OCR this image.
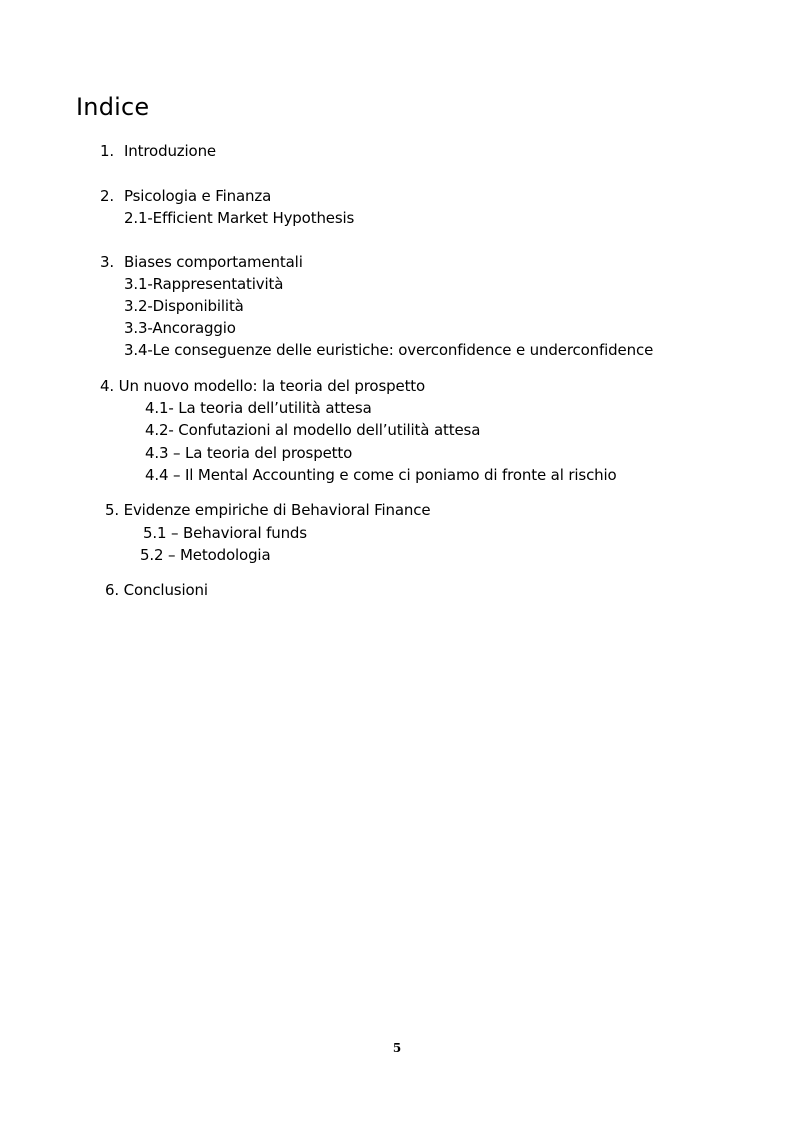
Indice
1. Introduzione
2. Psicologia e Finanza
2.1-Efficient Market Hypothesis
3. Biases comportamentali
3.1-Rappresentatività
3.2-Disponibilità
3.3-Ancoraggio
3.4-Le conseguenze delle euristiche: overconfidence e underconfidence
4. Un nuovo modello: la teoria del prospetto
4.1- La teoria dell’utilità attesa
4.2- Confutazioni al modello dell’utilità attesa
4.3 – La teoria del prospetto
4.4 – Il Mental Accounting e come ci poniamo di fronte al rischio
5. Evidenze empiriche di Behavioral Finance
5.1 – Behavioral funds
5.2 – Metodologia
6. Conclusioni
5
